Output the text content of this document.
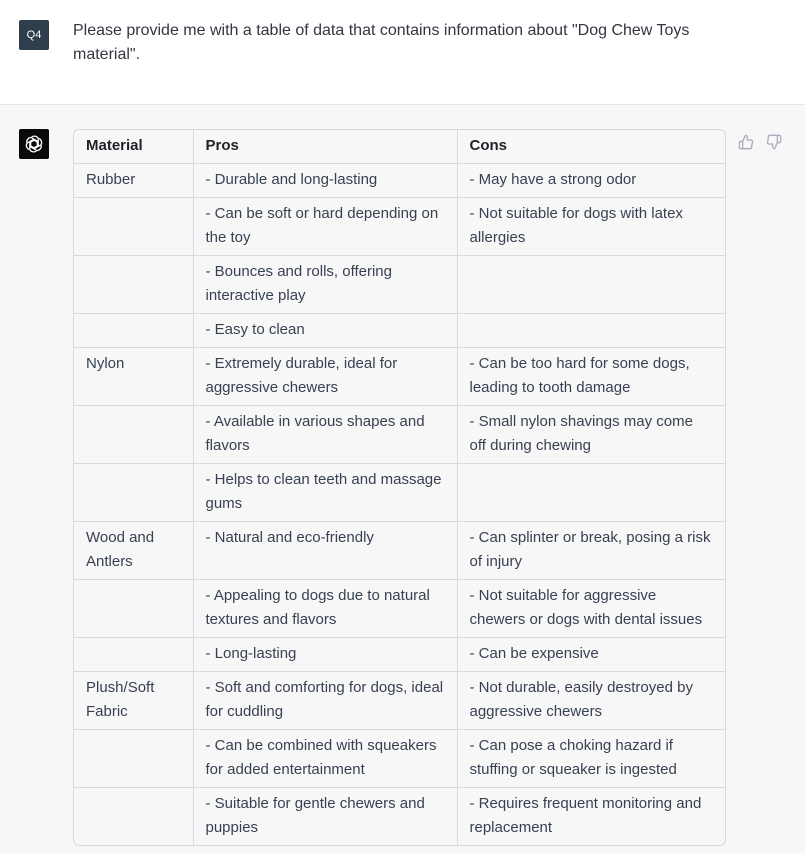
Q4	Please provide me with a table of data that contains information about "Dog Chew Toys material".
Material	Pros	Cons
Rubber	- Durable and long-lasting	- May have a strong odor
	- Can be soft or hard depending on the toy	- Not suitable for dogs with latex allergies
	- Bounces and rolls, offering interactive play	
	- Easy to clean	
Nylon	- Extremely durable, ideal for aggressive chewers	- Can be too hard for some dogs, leading to tooth damage
	- Available in various shapes and flavors	- Small nylon shavings may come off during chewing
	- Helps to clean teeth and massage gums	
Wood and Antlers	- Natural and eco-friendly	- Can splinter or break, posing a risk of injury
	- Appealing to dogs due to natural textures and flavors	- Not suitable for aggressive chewers or dogs with dental issues
	- Long-lasting	- Can be expensive
Plush/Soft Fabric	- Soft and comforting for dogs, ideal for cuddling	- Not durable, easily destroyed by aggressive chewers
	- Can be combined with squeakers for added entertainment	- Can pose a choking hazard if stuffing or squeaker is ingested
	- Suitable for gentle chewers and puppies	- Requires frequent monitoring and replacement
